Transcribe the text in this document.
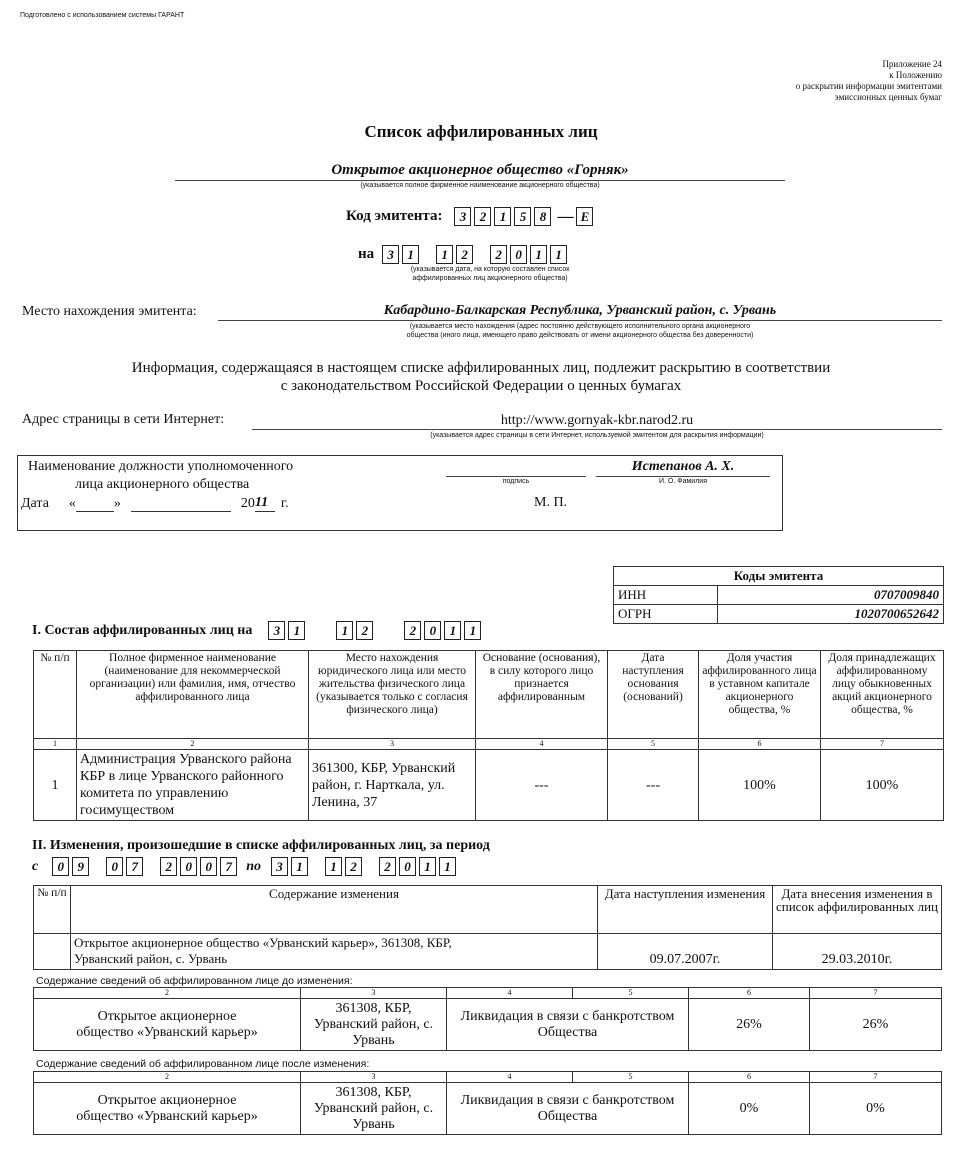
Подготовлено с использованием системы ГАРАНТ
Приложение 24
к Положению
о раскрытии информации эмитентами
эмиссионных ценных бумаг
Список аффилированных лиц
Открытое акционерное общество «Горняк»
(указывается полное фирменное наименование акционерного общества)
Код эмитента:	3	2	1	5	8 — E
на	3	1	1	2	2	0	1	1
(указывается дата, на которую составлен список
аффилированных лиц акционерного общества)
Место нахождения эмитента:	Кабардино-Балкарская Республика, Урванский район, с. Урвань
(указывается место нахождения (адрес постоянно действующего исполнительного органа акционерного
общества (иного лица, имеющего право действовать от имени акционерного общества без доверенности)
Информация, содержащаяся в настоящем списке аффилированных лиц, подлежит раскрытию в соответствии
с законодательством Российской Федерации о ценных бумагах
Адрес страницы в сети Интернет:	http://www.gornyak-kbr.narod2.ru
(указывается адрес страницы в сети Интернет, используемой эмитентом для раскрытия информации)
Наименование должности уполномоченного
лица акционерного общества	подпись
Истепанов А. Х.
И. О. Фамилия
Дата «	»	20 11 г.	М. П.
Коды эмитента	
ИНН	0707009840
ОГРН	1020700652642
I. Состав аффилированных лиц на	3	1	1	2	2	0	1	1
№ п/п	Полное фирменное наименование (наименование для некоммерческой организации) или фамилия, имя, отчество аффилированного лица	Место нахождения юридического лица или место жительства физического лица (указывается только с согласия физического лица)	Основание (основания), в силу которого лицо признается аффилированным	Дата наступления основания (оснований)	Доля участия аффилированного лица в уставном капитале акционерного общества, %	Доля принадлежащих аффилированному лицу обыкновенных акций акционерного общества, %
1	2	3	4	5	6	7
1	Администрация Урванского района КБР в лице Урванского районного комитета по управлению госимуществом	361300, КБР, Урванский район, г. Нарткала, ул. Ленина, 37	---	---	100%	100%
II. Изменения, произошедшие в списке аффилированных лиц, за период
с	0	9	0	7	2	0	0	7	по	3	1	1	2	2	0	1	1
№ п/п	Содержание изменения	Дата наступления изменения	Дата внесения изменения в список аффилированных лиц
	Открытое акционерное общество «Урванский карьер», 361308, КБР, Урванский район, с. Урвань	09.07.2007г.	29.03.2010г.
Содержание сведений об аффилированном лице до изменения:
2	3	4	5	6	7
Открытое акционерное общество «Урванский карьер»	361308, КБР, Урванский район, с. Урвань	Ликвидация в связи с банкротством Общества		26%	26%
Содержание сведений об аффилированном лице после изменения:
2	3	4	5	6	7
Открытое акционерное общество «Урванский карьер»	361308, КБР, Урванский район, с. Урвань	Ликвидация в связи с банкротством Общества		0%	0%
